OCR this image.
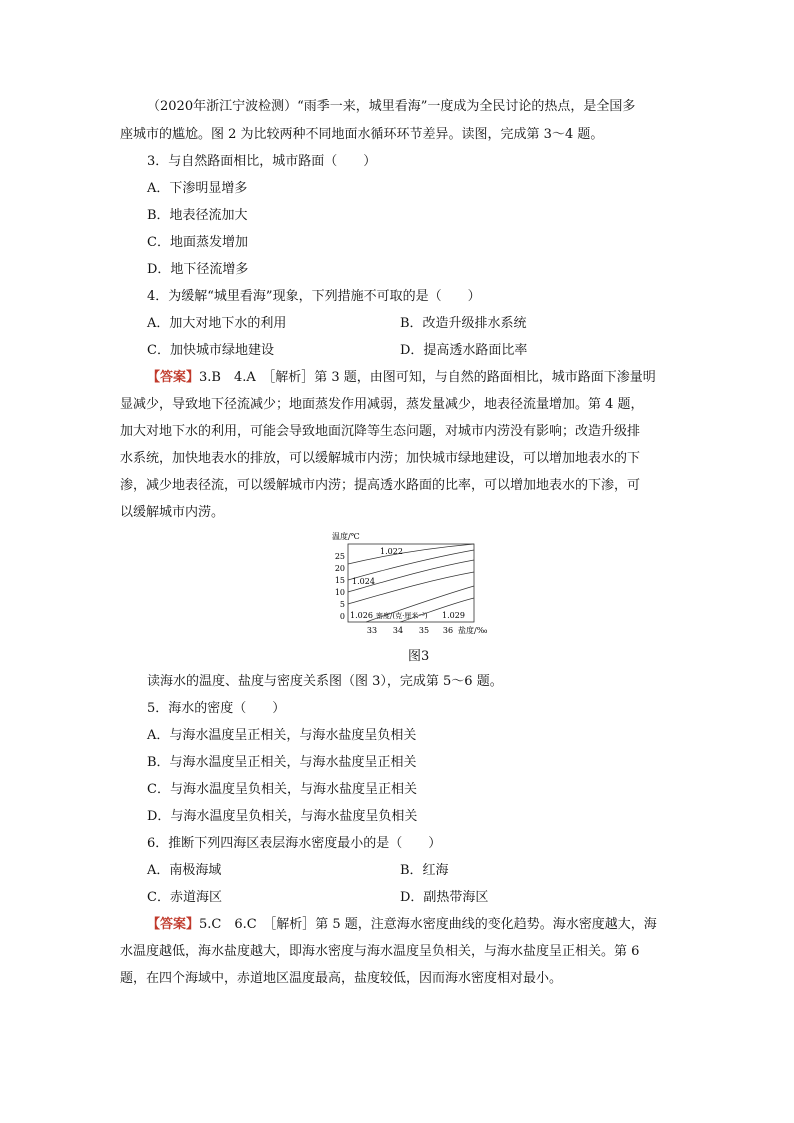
（2020年浙江宁波检测）“雨季一来，城里看海”一度成为全民讨论的热点，是全国多
座城市的尴尬。图 2 为比较两种不同地面水循环环节差异。读图，完成第 3～4 题。
3．与自然路面相比，城市路面（　　）
A．下渗明显增多
B．地表径流加大
C．地面蒸发增加
D．地下径流增多
4．为缓解“城里看海”现象，下列措施不可取的是（　　）
A．加大对地下水的利用	B．改造升级排水系统
C．加快城市绿地建设	D．提高透水路面比率
【答案】3.B　4.A　［解析］第 3 题，由图可知，与自然的路面相比，城市路面下渗量明
显减少，导致地下径流减少；地面蒸发作用减弱，蒸发量减少，地表径流量增加。第 4 题，
加大对地下水的利用，可能会导致地面沉降等生态问题，对城市内涝没有影响；改造升级排
水系统，加快地表水的排放，可以缓解城市内涝；加快城市绿地建设，可以增加地表水的下
渗，减少地表径流，可以缓解城市内涝；提高透水路面的比率，可以增加地表水的下渗，可
以缓解城市内涝。
温度/℃
25
20
15
10
5
0
1.022
1.024
1.026 密度/(克·厘米⁻³) 1.029
33 34 35 36 盐度/‰
图3
读海水的温度、盐度与密度关系图（图 3），完成第 5～6 题。
5．海水的密度（　　）
A．与海水温度呈正相关，与海水盐度呈负相关
B．与海水温度呈正相关，与海水盐度呈正相关
C．与海水温度呈负相关，与海水盐度呈正相关
D．与海水温度呈负相关，与海水盐度呈负相关
6．推断下列四海区表层海水密度最小的是（　　）
A．南极海域	B．红海
C．赤道海区	D．副热带海区
【答案】5.C　6.C　［解析］第 5 题，注意海水密度曲线的变化趋势。海水密度越大，海
水温度越低，海水盐度越大，即海水密度与海水温度呈负相关，与海水盐度呈正相关。第 6
题，在四个海域中，赤道地区温度最高，盐度较低，因而海水密度相对最小。
